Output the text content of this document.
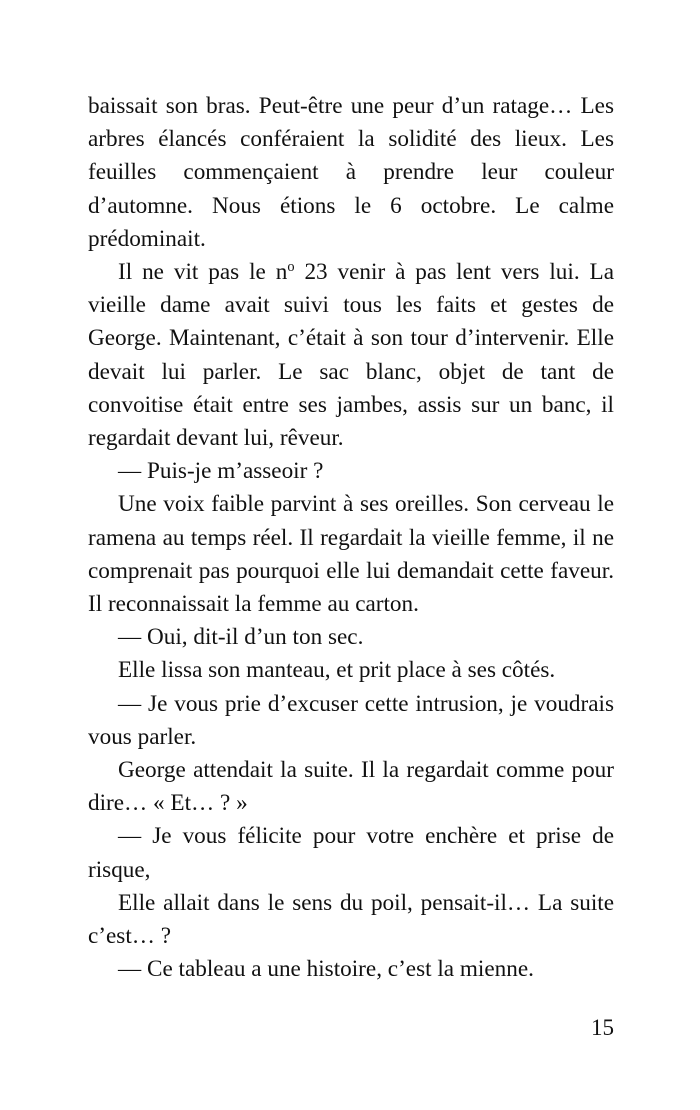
baissait son bras. Peut-être une peur d’un ratage… Les arbres élancés conféraient la solidité des lieux. Les feuilles commençaient à prendre leur couleur d’automne. Nous étions le 6 octobre. Le calme prédominait.

Il ne vit pas le $n^o$ 23 venir à pas lent vers lui. La vieille dame avait suivi tous les faits et gestes de George. Maintenant, c’était à son tour d’intervenir. Elle devait lui parler. Le sac blanc, objet de tant de convoitise était entre ses jambes, assis sur un banc, il regardait devant lui, rêveur.

— Puis-je m’asseoir ?

Une voix faible parvint à ses oreilles. Son cerveau le ramena au temps réel. Il regardait la vieille femme, il ne comprenait pas pourquoi elle lui demandait cette faveur. Il reconnaissait la femme au carton.

— Oui, dit-il d’un ton sec.

Elle lissa son manteau, et prit place à ses côtés.

— Je vous prie d’excuser cette intrusion, je voudrais vous parler.

George attendait la suite. Il la regardait comme pour dire… « Et… ? »

— Je vous félicite pour votre enchère et prise de risque,

Elle allait dans le sens du poil, pensait-il… La suite c’est… ?

— Ce tableau a une histoire, c’est la mienne.

15
